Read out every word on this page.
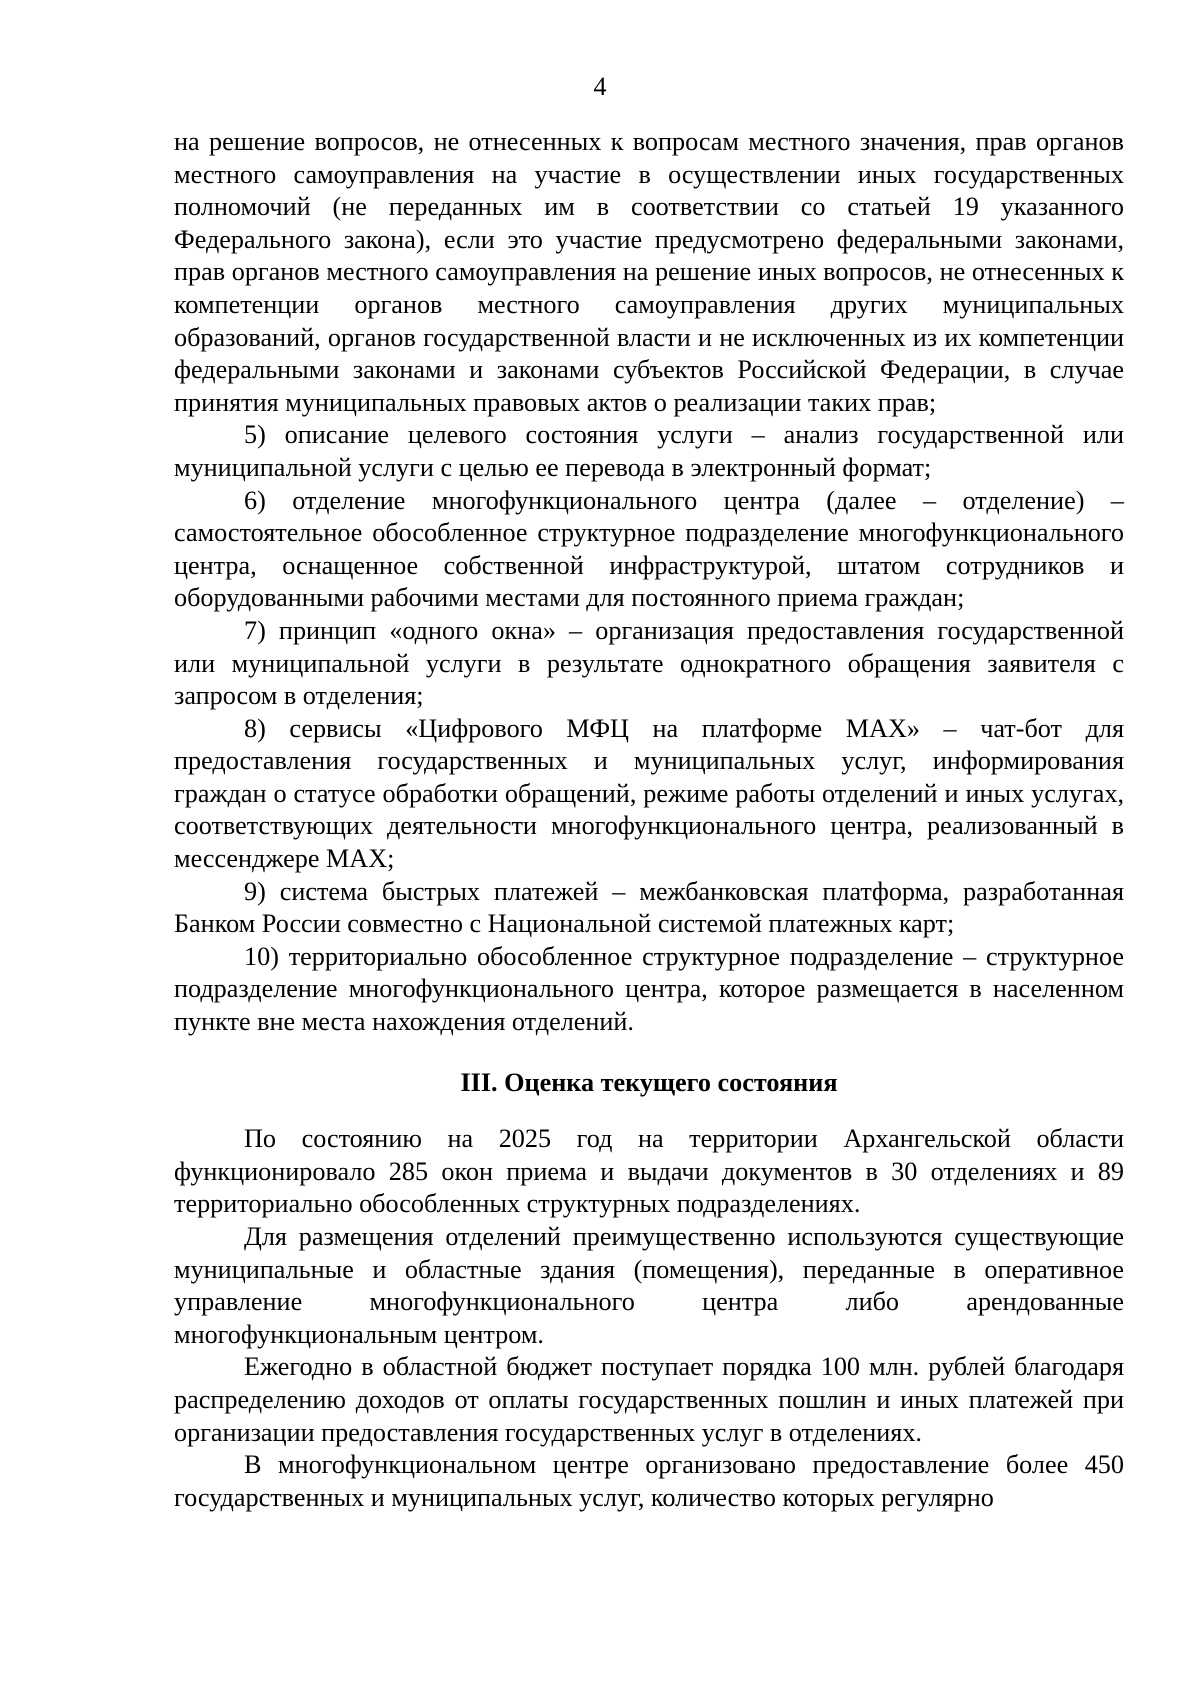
4

на решение вопросов, не отнесенных к вопросам местного значения, прав органов местного самоуправления на участие в осуществлении иных государственных полномочий (не переданных им в соответствии со статьей 19 указанного Федерального закона), если это участие предусмотрено федеральными законами, прав органов местного самоуправления на решение иных вопросов, не отнесенных к компетенции органов местного самоуправления других муниципальных образований, органов государственной власти и не исключенных из их компетенции федеральными законами и законами субъектов Российской Федерации, в случае принятия муниципальных правовых актов о реализации таких прав;

5) описание целевого состояния услуги – анализ государственной или муниципальной услуги с целью ее перевода в электронный формат;

6) отделение многофункционального центра (далее – отделение) – самостоятельное обособленное структурное подразделение многофункционального центра, оснащенное собственной инфраструктурой, штатом сотрудников и оборудованными рабочими местами для постоянного приема граждан;

7) принцип «одного окна» – организация предоставления государственной или муниципальной услуги в результате однократного обращения заявителя с запросом в отделения;

8) сервисы «Цифрового МФЦ на платформе MAX» – чат-бот для предоставления государственных и муниципальных услуг, информирования граждан о статусе обработки обращений, режиме работы отделений и иных услугах, соответствующих деятельности многофункционального центра, реализованный в мессенджере MAX;

9) система быстрых платежей – межбанковская платформа, разработанная Банком России совместно с Национальной системой платежных карт;

10) территориально обособленное структурное подразделение – структурное подразделение многофункционального центра, которое размещается в населенном пункте вне места нахождения отделений.

III. Оценка текущего состояния

По состоянию на 2025 год на территории Архангельской области функционировало 285 окон приема и выдачи документов в 30 отделениях и 89 территориально обособленных структурных подразделениях.

Для размещения отделений преимущественно используются существующие муниципальные и областные здания (помещения), переданные в оперативное управление многофункционального центра либо арендованные многофункциональным центром.

Ежегодно в областной бюджет поступает порядка 100 млн. рублей благодаря распределению доходов от оплаты государственных пошлин и иных платежей при организации предоставления государственных услуг в отделениях.

В многофункциональном центре организовано предоставление более 450 государственных и муниципальных услуг, количество которых регулярно
